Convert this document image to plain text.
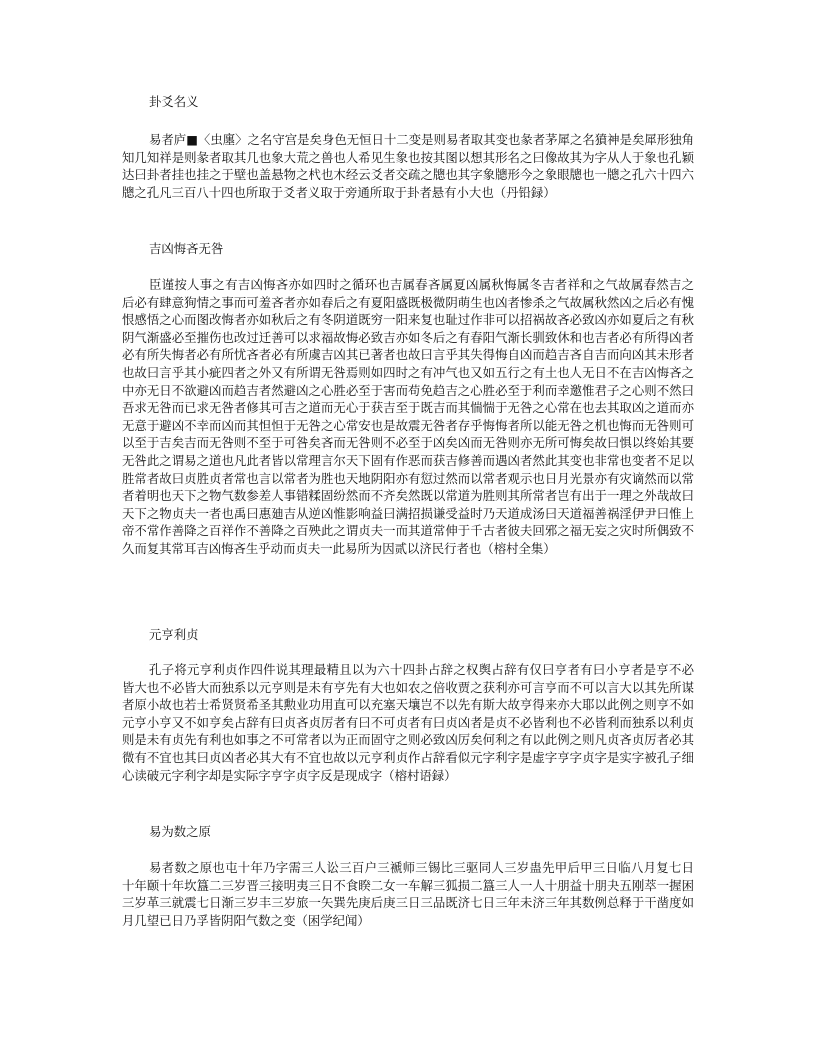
卦爻名义

易者庐■〈虫廛〉之名守宫是矣身色无恒日十二变是则易者取其变也彖者茅犀之名獖神是矣犀形独角知几知祥是则彖者取其几也象大荒之兽也人希见生象也按其图以想其形名之曰像故其为字从人于象也孔颖达曰卦者挂也挂之于壁也盖悬物之杙也木经云爻者交疏之牕也其字象牕形今之象眼牕也一牕之孔六十四六牕之孔凡三百八十四也所取于爻者义取于旁通所取于卦者悬有小大也（丹铅録）

吉凶悔吝无咎

臣谨按人事之有吉凶悔吝亦如四时之循环也吉属春吝属夏凶属秋悔属冬吉者祥和之气故属春然吉之后必有肆意狥情之事而可羞吝者亦如春后之有夏阳盛既极微阴萌生也凶者惨杀之气故属秋然凶之后必有愧恨感悟之心而图改悔者亦如秋后之有冬阴道既穷一阳来复也耻过作非可以招祸故吝必致凶亦如夏后之有秋阴气渐盛必至摧伤也改过迁善可以求福故悔必致吉亦如冬后之有春阳气渐长驯致休和也吉者必有所得凶者必有所失悔者必有所忧吝者必有所虞吉凶其已著者也故曰言乎其失得悔自凶而趋吉吝自吉而向凶其未形者也故曰言乎其小疵四者之外又有所谓无咎焉则如四时之有冲气也又如五行之有土也人无日不在吉凶悔吝之中亦无日不欲避凶而趋吉者然避凶之心胜必至于害而苟免趋吉之心胜必至于利而幸邀惟君子之心则不然曰吾求无咎而已求无咎者修其可吉之道而无心于获吉至于既吉而其惴惴于无咎之心常在也去其取凶之道而亦无意于避凶不幸而凶而其怛怛于无咎之心常安也是故震无咎者存乎悔悔者所以能无咎之机也悔而无咎则可以至于吉矣吉而无咎则不至于可咎矣吝而无咎则不必至于凶矣凶而无咎则亦无所可悔矣故曰惧以终始其要无咎此之谓易之道也凡此者皆以常理言尔天下固有作恶而获吉修善而遇凶者然此其变也非常也变者不足以胜常者故曰贞胜贞者常也言以常者为胜也天地阴阳亦有愆过然而以常者观示也日月光景亦有灾谪然而以常者着明也天下之物气数参差人事错糅固纷然而不齐矣然既以常道为胜则其所常者岂有出于一理之外哉故曰天下之物贞夫一者也禹曰惠廸吉从逆凶惟影响益曰满招损谦受益时乃天道成汤曰天道福善祸淫伊尹曰惟上帝不常作善降之百祥作不善降之百殃此之谓贞夫一而其道常伸于千古者彼夫回邪之福无妄之灾时所偶致不久而复其常耳吉凶悔吝生乎动而贞夫一此易所为因贰以济民行者也（榕村全集）

元亨利贞

孔子将元亨利贞作四件说其理最精且以为六十四卦占辞之权舆占辞有仅曰亨者有曰小亨者是亨不必皆大也不必皆大而独系以元亨则是未有亨先有大也如农之倍收贾之获利亦可言亨而不可以言大以其先所谋者原小故也若士希贤贤希圣其勲业功用直可以充塞天壤岂不以先有斯大故亨得来亦大耶以此例之则亨不如元亨小亨又不如亨矣占辞有曰贞吝贞厉者有曰不可贞者有曰贞凶者是贞不必皆利也不必皆利而独系以利贞则是未有贞先有利也如事之不可常者以为正而固守之则必致凶厉矣何利之有以此例之则凡贞吝贞厉者必其微有不宜也其曰贞凶者必其大有不宜也故以元亨利贞作占辞看似元字利字是虚字亨字贞字是实字被孔子细心读破元字利字却是实际字亨字贞字反是现成字（榕村语録）

易为数之原

易者数之原也屯十年乃字需三人讼三百户三褫师三锡比三驱同人三岁蛊先甲后甲三日临八月复七日十年颐十年坎簋二三岁晋三接明夷三日不食睽二女一车解三狐损二簋三人一人十朋益十朋夬五刚萃一握困三岁革三就震七日渐三岁丰三岁旅一矢巽先庚后庚三日三品既济七日三年未济三年其数例总释于干凿度如月几望已日乃孚皆阴阳气数之变（困学纪闻）
